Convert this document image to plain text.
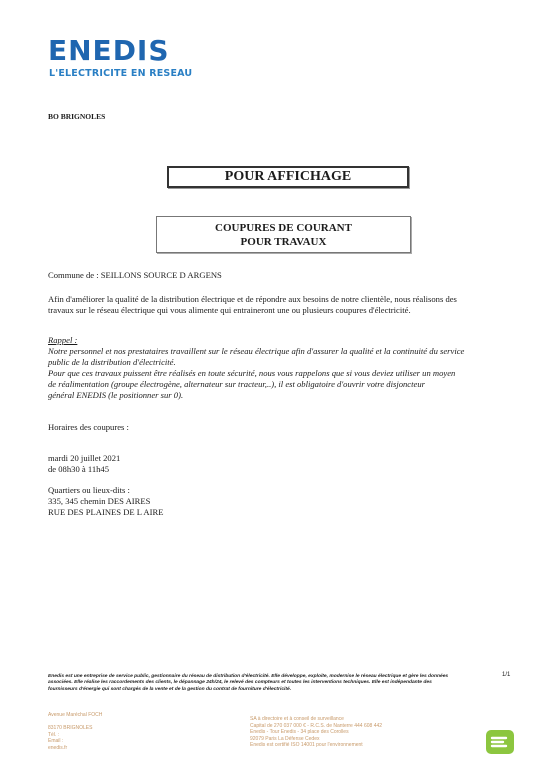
ENEDIS
L'ELECTRICITE EN RESEAU
BO BRIGNOLES
POUR AFFICHAGE
COUPURES DE COURANT
POUR TRAVAUX
Commune de : SEILLONS SOURCE D ARGENS
Afin d'améliorer la qualité de la distribution électrique et de répondre aux besoins de notre clientèle, nous réalisons des
travaux sur le réseau électrique qui vous alimente qui entraineront une ou plusieurs coupures d'électricité.
Rappel :
Notre personnel et nos prestataires travaillent sur le réseau électrique afin d'assurer la qualité et la continuité du service
public de la distribution d'électricité.
Pour que ces travaux puissent être réalisés en toute sécurité, nous vous rappelons que si vous deviez utiliser un moyen
de réalimentation (groupe électrogène, alternateur sur tracteur,..), il est obligatoire d'ouvrir votre disjoncteur
général ENEDIS (le positionner sur 0).
Horaires des coupures :
mardi 20 juillet 2021
de 08h30 à 11h45
Quartiers ou lieux-dits :
335, 345 chemin DES AIRES
RUE DES PLAINES DE L AIRE
1/1
Enedis est une entreprise de service public, gestionnaire du réseau de distribution d'électricité. Elle développe, exploite, modernise le réseau électrique et gère les données
associées. Elle réalise les raccordements des clients, le dépannage 24h/24, le relevé des compteurs et toutes les interventions techniques. Elle est indépendante des
fournisseurs d'énergie qui sont chargés de la vente et de la gestion du contrat de fourniture d'électricité.
Avenue Maréchal FOCH
83170 BRIGNOLES
Tél. :
Email :
enedis.fr
SA à directoire et à conseil de surveillance
Capital de 270 037 000 € - R.C.S. de Nanterre 444 608 442
Enedis - Tour Enedis - 34 place des Corolles
92079 Paris La Défense Cedex
Enedis est certifié ISO 14001 pour l'environnement
